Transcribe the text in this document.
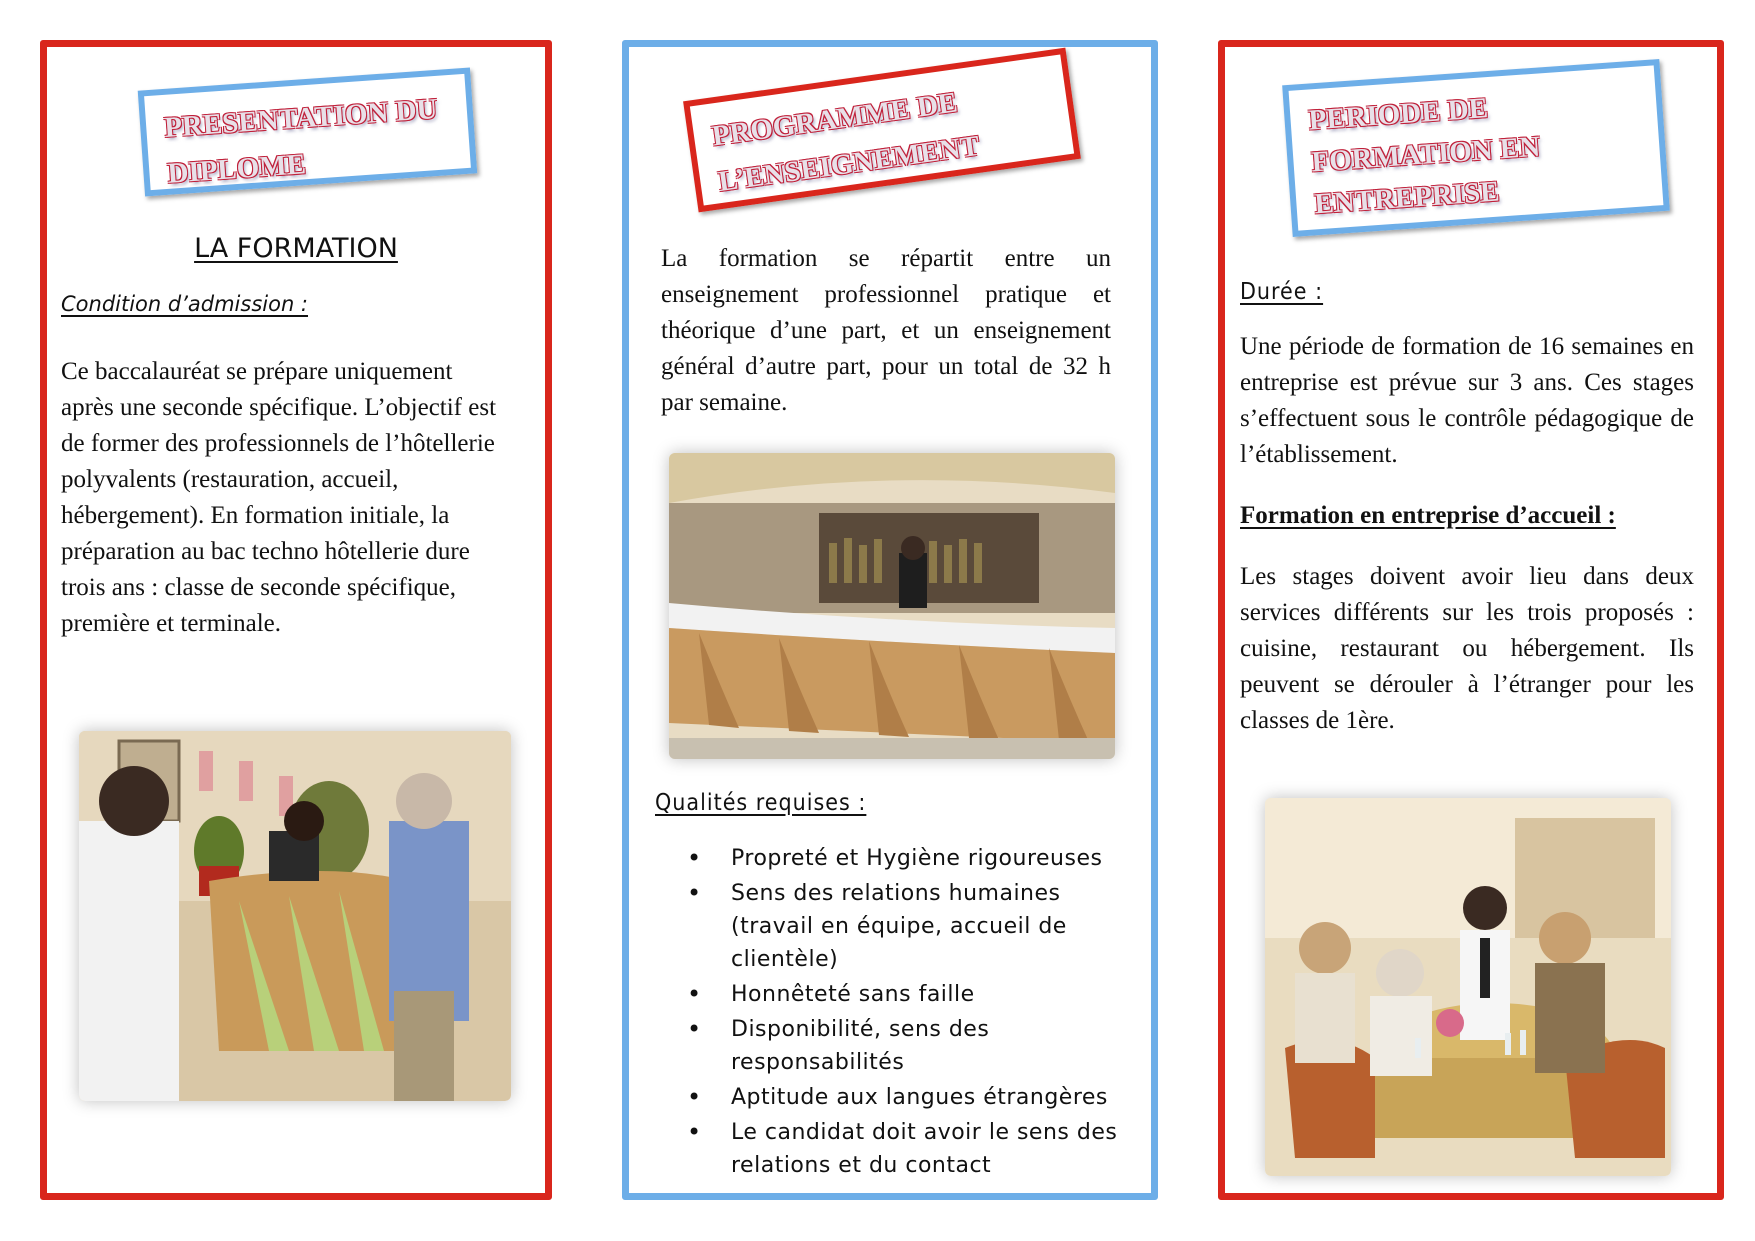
PRESENTATION DU
DIPLOME
LA FORMATION
Condition d’admission :

Ce baccalauréat se prépare uniquement après une seconde spécifique. L’objectif est de former des professionnels de l’hôtellerie polyvalents (restauration, accueil, hébergement). En formation initiale, la préparation au bac techno hôtellerie dure trois ans : classe de seconde spécifique, première et terminale.

PROGRAMME DE
L’ENSEIGNEMENT

La formation se répartit entre un enseignement professionnel pratique et théorique d’une part, et un enseignement général d’autre part, pour un total de 32 h par semaine.

Qualités requises :
• Propreté et Hygiène rigoureuses
• Sens des relations humaines (travail en équipe, accueil de clientèle)
• Honnêteté sans faille
• Disponibilité, sens des responsabilités
• Aptitude aux langues étrangères
• Le candidat doit avoir le sens des relations et du contact
PERIODE DE
FORMATION EN
ENTREPRISE
Durée :

Une période de formation de 16 semaines en entreprise est prévue sur 3 ans. Ces stages s’effectuent sous le contrôle pédagogique de l’établissement.

Formation en entreprise d’accueil :

Les stages doivent avoir lieu dans deux services différents sur les trois proposés : cuisine, restaurant ou hébergement. Ils peuvent se dérouler à l’étranger pour les classes de 1ère.
